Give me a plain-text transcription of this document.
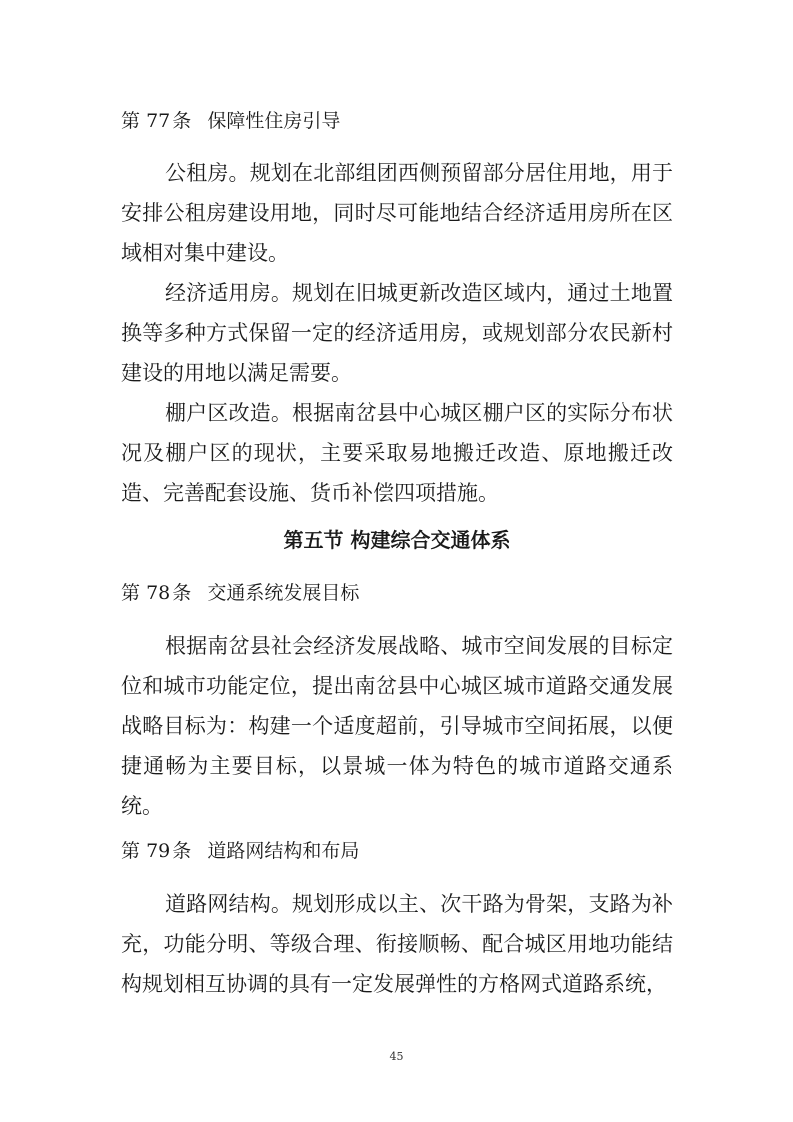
第 77 条 保障性住房引导

公租房。规划在北部组团西侧预留部分居住用地，用于安排公租房建设用地，同时尽可能地结合经济适用房所在区域相对集中建设。

经济适用房。规划在旧城更新改造区域内，通过土地置换等多种方式保留一定的经济适用房，或规划部分农民新村建设的用地以满足需要。

棚户区改造。根据南岔县中心城区棚户区的实际分布状况及棚户区的现状，主要采取易地搬迁改造、原地搬迁改造、完善配套设施、货币补偿四项措施。

第五节 构建综合交通体系

第 78 条 交通系统发展目标

根据南岔县社会经济发展战略、城市空间发展的目标定位和城市功能定位，提出南岔县中心城区城市道路交通发展战略目标为：构建一个适度超前，引导城市空间拓展，以便捷通畅为主要目标，以景城一体为特色的城市道路交通系统。

第 79 条 道路网结构和布局

道路网结构。规划形成以主、次干路为骨架，支路为补充，功能分明、等级合理、衔接顺畅、配合城区用地功能结构规划相互协调的具有一定发展弹性的方格网式道路系统，

45
